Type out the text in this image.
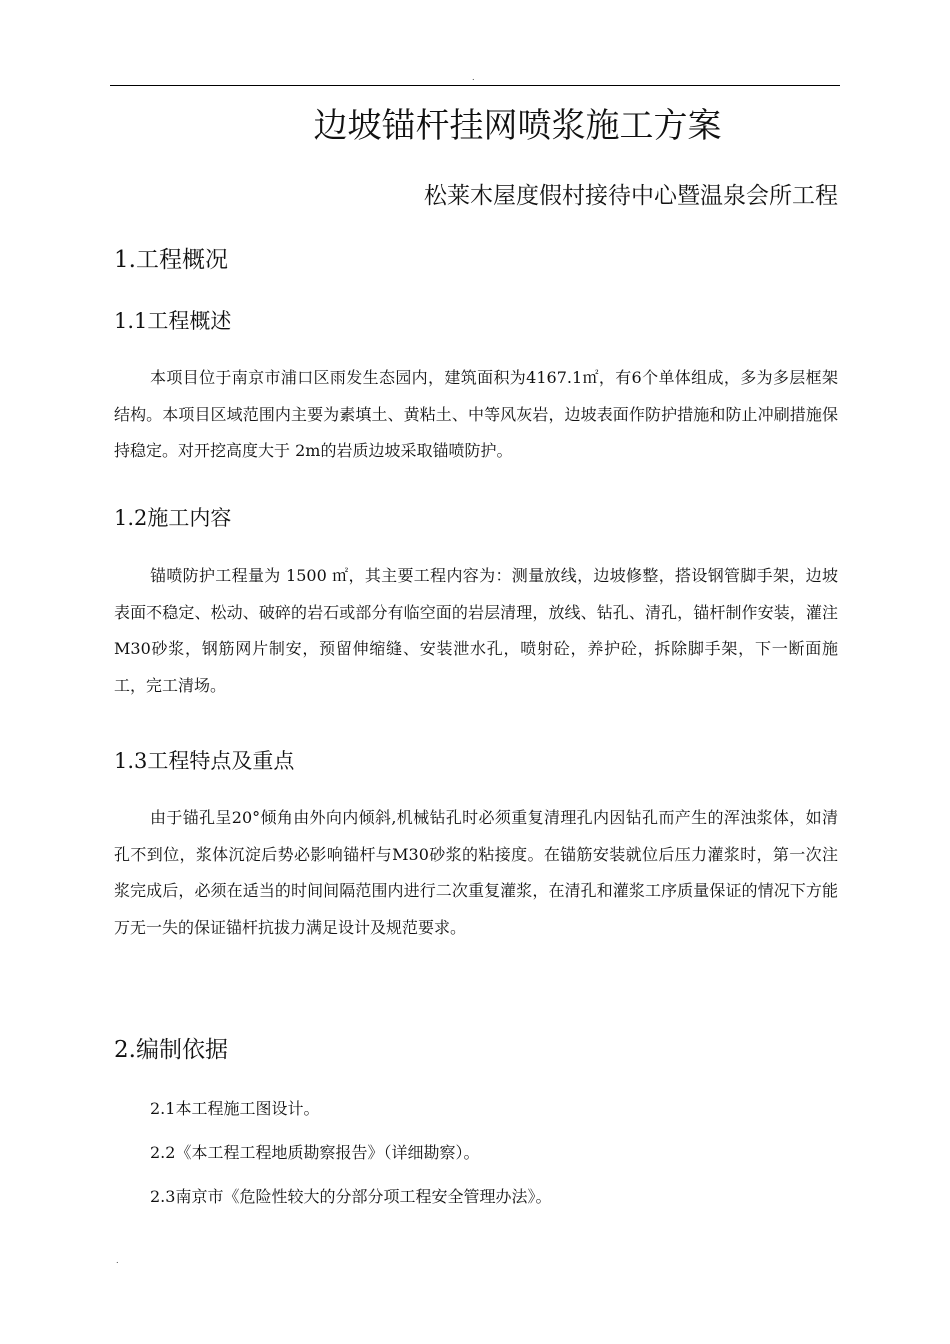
.
边坡锚杆挂网喷浆施工方案
松莱木屋度假村接待中心暨温泉会所工程
1.工程概况
1.1工程概述
本项目位于南京市浦口区雨发生态园内，建筑面积为4167.1㎡，有6个单体组成，多为多层框架结构。本项目区域范围内主要为素填土、黄粘土、中等风灰岩，边坡表面作防护措施和防止冲刷措施保持稳定。对开挖高度大于 2m的岩质边坡采取锚喷防护。
1.2施工内容
锚喷防护工程量为 1500 ㎡，其主要工程内容为：测量放线，边坡修整，搭设钢管脚手架，边坡表面不稳定、松动、破碎的岩石或部分有临空面的岩层清理，放线、钻孔、清孔，锚杆制作安装，灌注M30砂浆，钢筋网片制安，预留伸缩缝、安装泄水孔，喷射砼，养护砼，拆除脚手架，下一断面施工，完工清场。
1.3工程特点及重点
由于锚孔呈20°倾角由外向内倾斜,机械钻孔时必须重复清理孔内因钻孔而产生的浑浊浆体，如清孔不到位，浆体沉淀后势必影响锚杆与M30砂浆的粘接度。在锚筋安装就位后压力灌浆时，第一次注浆完成后，必须在适当的时间间隔范围内进行二次重复灌浆，在清孔和灌浆工序质量保证的情况下方能万无一失的保证锚杆抗拔力满足设计及规范要求。
2.编制依据
2.1本工程施工图设计。
2.2《本工程工程地质勘察报告》（详细勘察）。
2.3南京市《危险性较大的分部分项工程安全管理办法》。
.
